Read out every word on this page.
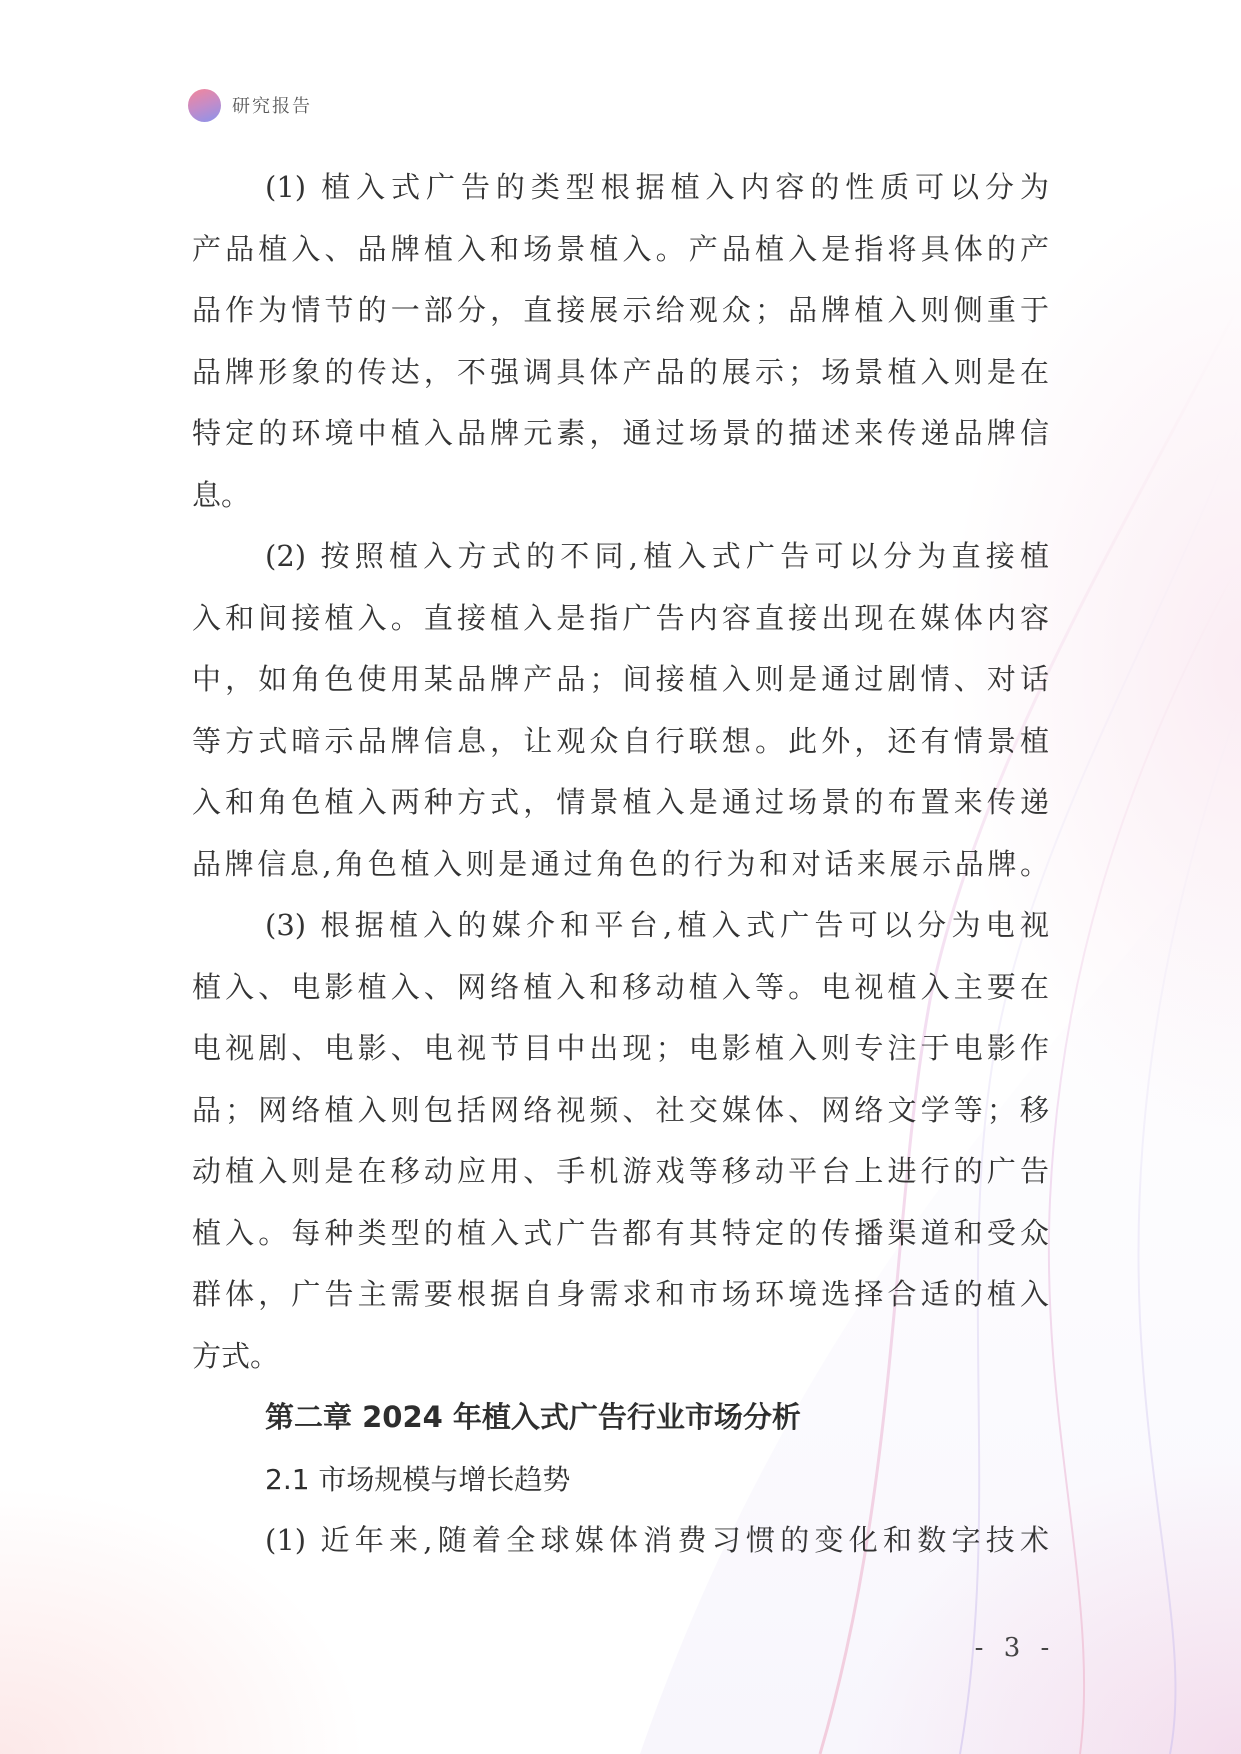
研究报告
(1) 植入式广告的类型根据植入内容的性质可以分为
产品植入、品牌植入和场景植入。产品植入是指将具体的产
品作为情节的一部分，直接展示给观众；品牌植入则侧重于
品牌形象的传达，不强调具体产品的展示；场景植入则是在
特定的环境中植入品牌元素，通过场景的描述来传递品牌信
息。
(2) 按照植入方式的不同,植入式广告可以分为直接植
入和间接植入。直接植入是指广告内容直接出现在媒体内容
中，如角色使用某品牌产品；间接植入则是通过剧情、对话
等方式暗示品牌信息，让观众自行联想。此外，还有情景植
入和角色植入两种方式，情景植入是通过场景的布置来传递
品牌信息,角色植入则是通过角色的行为和对话来展示品牌。
(3) 根据植入的媒介和平台,植入式广告可以分为电视
植入、电影植入、网络植入和移动植入等。电视植入主要在
电视剧、电影、电视节目中出现；电影植入则专注于电影作
品；网络植入则包括网络视频、社交媒体、网络文学等；移
动植入则是在移动应用、手机游戏等移动平台上进行的广告
植入。每种类型的植入式广告都有其特定的传播渠道和受众
群体，广告主需要根据自身需求和市场环境选择合适的植入
方式。
第二章 2024 年植入式广告行业市场分析
2.1 市场规模与增长趋势
(1) 近年来,随着全球媒体消费习惯的变化和数字技术
- 3 -
